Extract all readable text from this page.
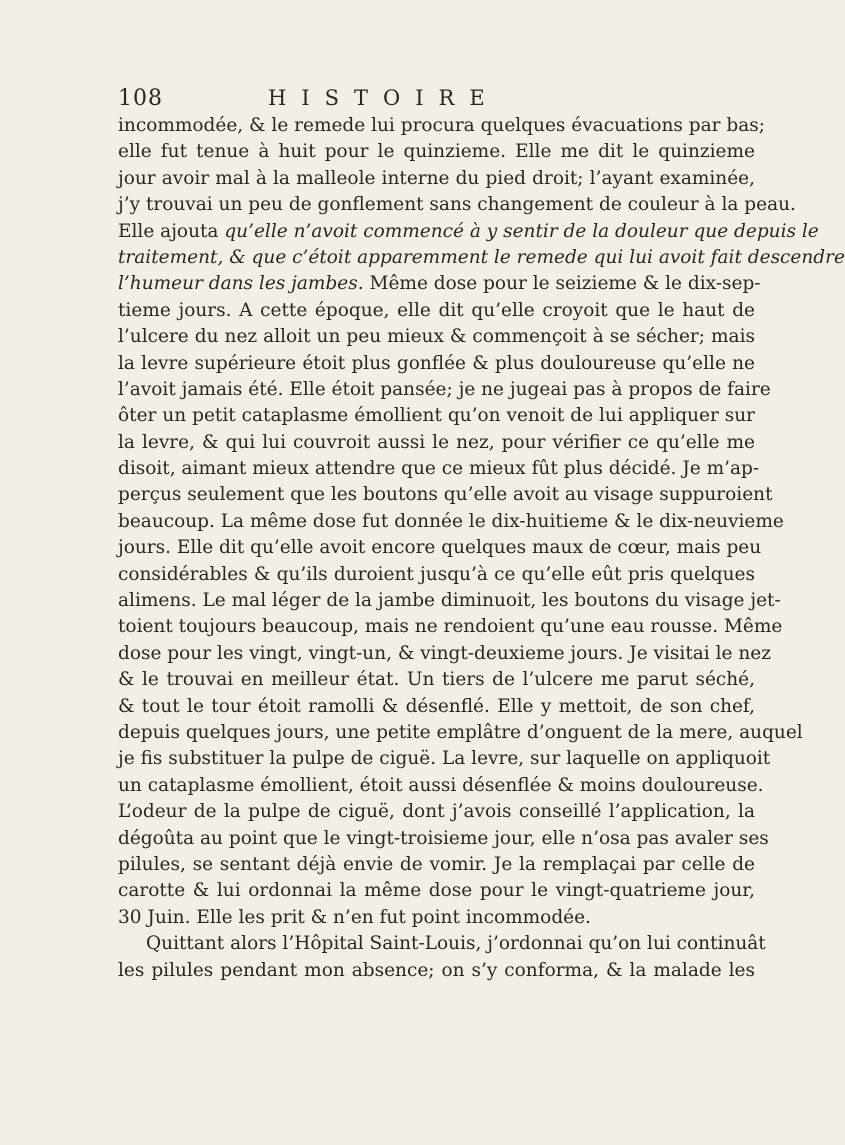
108	HISTOIRE
incommodée, & le remede lui procura quelques évacuations par bas;
elle fut tenue à huit pour le quinzieme. Elle me dit le quinzieme
jour avoir mal à la malleole interne du pied droit; l’ayant examinée,
j’y trouvai un peu de gonflement sans changement de couleur à la peau.
Elle ajouta qu’elle n’avoit commencé à y sentir de la douleur que depuis le
traitement, & que c’étoit apparemment le remede qui lui avoit fait descendre
l’humeur dans les jambes. Même dose pour le seizieme & le dix-sep-
tieme jours. A cette époque, elle dit qu’elle croyoit que le haut de
l’ulcere du nez alloit un peu mieux & commençoit à se sécher; mais
la levre supérieure étoit plus gonflée & plus douloureuse qu’elle ne
l’avoit jamais été. Elle étoit pansée; je ne jugeai pas à propos de faire
ôter un petit cataplasme émollient qu’on venoit de lui appliquer sur
la levre, & qui lui couvroit aussi le nez, pour vérifier ce qu’elle me
disoit, aimant mieux attendre que ce mieux fût plus décidé. Je m’ap-
perçus seulement que les boutons qu’elle avoit au visage suppuroient
beaucoup. La même dose fut donnée le dix-huitieme & le dix-neuvieme
jours. Elle dit qu’elle avoit encore quelques maux de cœur, mais peu
considérables & qu’ils duroient jusqu’à ce qu’elle eût pris quelques
alimens. Le mal léger de la jambe diminuoit, les boutons du visage jet-
toient toujours beaucoup, mais ne rendoient qu’une eau rousse. Même
dose pour les vingt, vingt-un, & vingt-deuxieme jours. Je visitai le nez
& le trouvai en meilleur état. Un tiers de l’ulcere me parut séché,
& tout le tour étoit ramolli & désenflé. Elle y mettoit, de son chef,
depuis quelques jours, une petite emplâtre d’onguent de la mere, auquel
je fis substituer la pulpe de ciguë. La levre, sur laquelle on appliquoit
un cataplasme émollient, étoit aussi désenflée & moins douloureuse.
L’odeur de la pulpe de ciguë, dont j’avois conseillé l’application, la
dégoûta au point que le vingt-troisieme jour, elle n’osa pas avaler ses
pilules, se sentant déjà envie de vomir. Je la remplaçai par celle de
carotte & lui ordonnai la même dose pour le vingt-quatrieme jour,
30 Juin. Elle les prit & n’en fut point incommodée.
Quittant alors l’Hôpital Saint-Louis, j’ordonnai qu’on lui continuât
les pilules pendant mon absence; on s’y conforma, & la malade les
